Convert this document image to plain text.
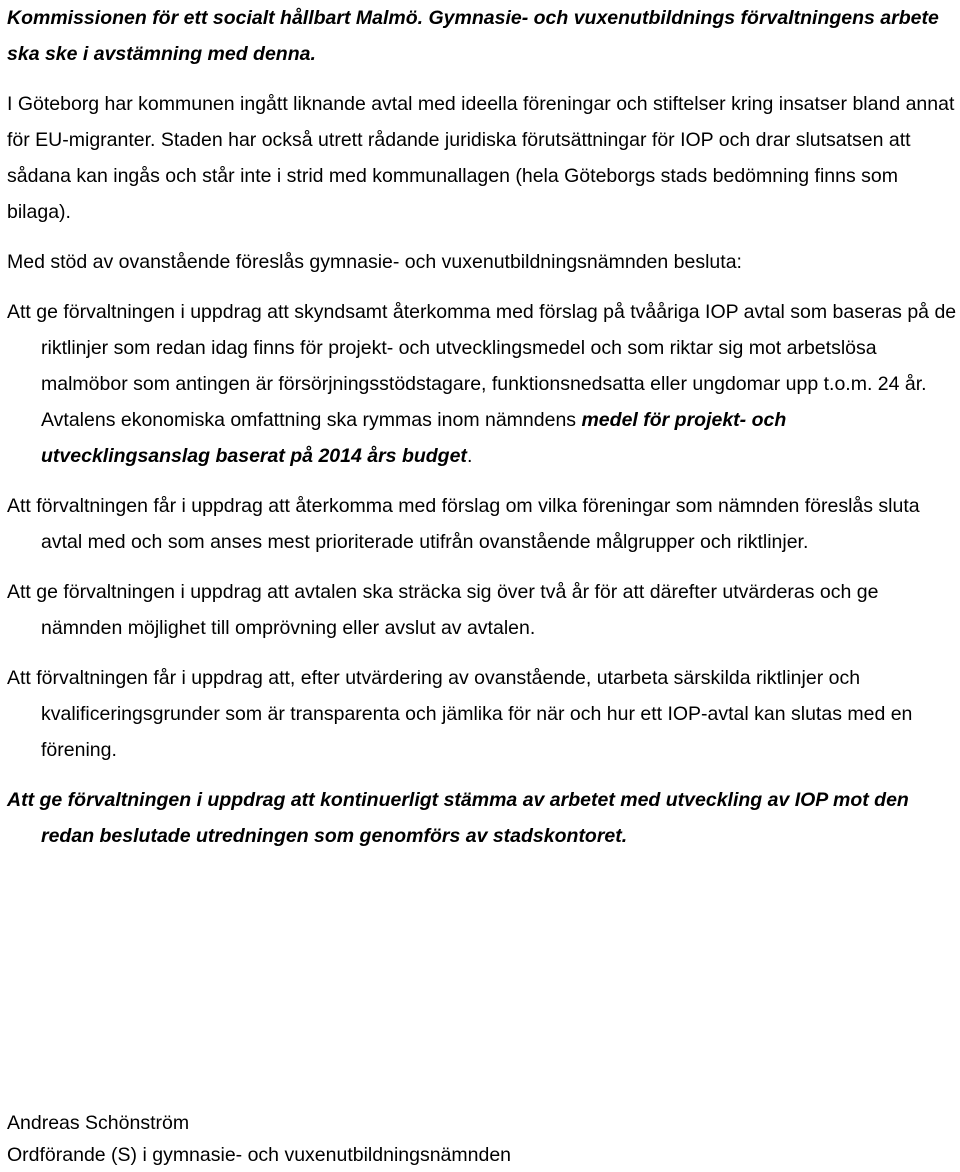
Kommissionen för ett socialt hållbart Malmö. Gymnasie- och vuxenutbildnings förvaltningens arbete ska ske i avstämning med denna.

I Göteborg har kommunen ingått liknande avtal med ideella föreningar och stiftelser kring insatser bland annat för EU-migranter. Staden har också utrett rådande juridiska förutsättningar för IOP och drar slutsatsen att sådana kan ingås och står inte i strid med kommunallagen (hela Göteborgs stads bedömning finns som bilaga).

Med stöd av ovanstående föreslås gymnasie- och vuxenutbildningsnämnden besluta:

Att ge förvaltningen i uppdrag att skyndsamt återkomma med förslag på tvååriga IOP avtal som baseras på de riktlinjer som redan idag finns för projekt- och utvecklingsmedel och som riktar sig mot arbetslösa malmöbor som antingen är försörjningsstödstagare, funktionsnedsatta eller ungdomar upp t.o.m. 24 år. Avtalens ekonomiska omfattning ska rymmas inom nämndens medel för projekt- och utvecklingsanslag baserat på 2014 års budget.

Att förvaltningen får i uppdrag att återkomma med förslag om vilka föreningar som nämnden föreslås sluta avtal med och som anses mest prioriterade utifrån ovanstående målgrupper och riktlinjer.

Att ge förvaltningen i uppdrag att avtalen ska sträcka sig över två år för att därefter utvärderas och ge nämnden möjlighet till omprövning eller avslut av avtalen.

Att förvaltningen får i uppdrag att, efter utvärdering av ovanstående, utarbeta särskilda riktlinjer och kvalificeringsgrunder som är transparenta och jämlika för när och hur ett IOP-avtal kan slutas med en förening.

Att ge förvaltningen i uppdrag att kontinuerligt stämma av arbetet med utveckling av IOP mot den redan beslutade utredningen som genomförs av stadskontoret.

Andreas Schönström
Ordförande (S) i gymnasie- och vuxenutbildningsnämnden
